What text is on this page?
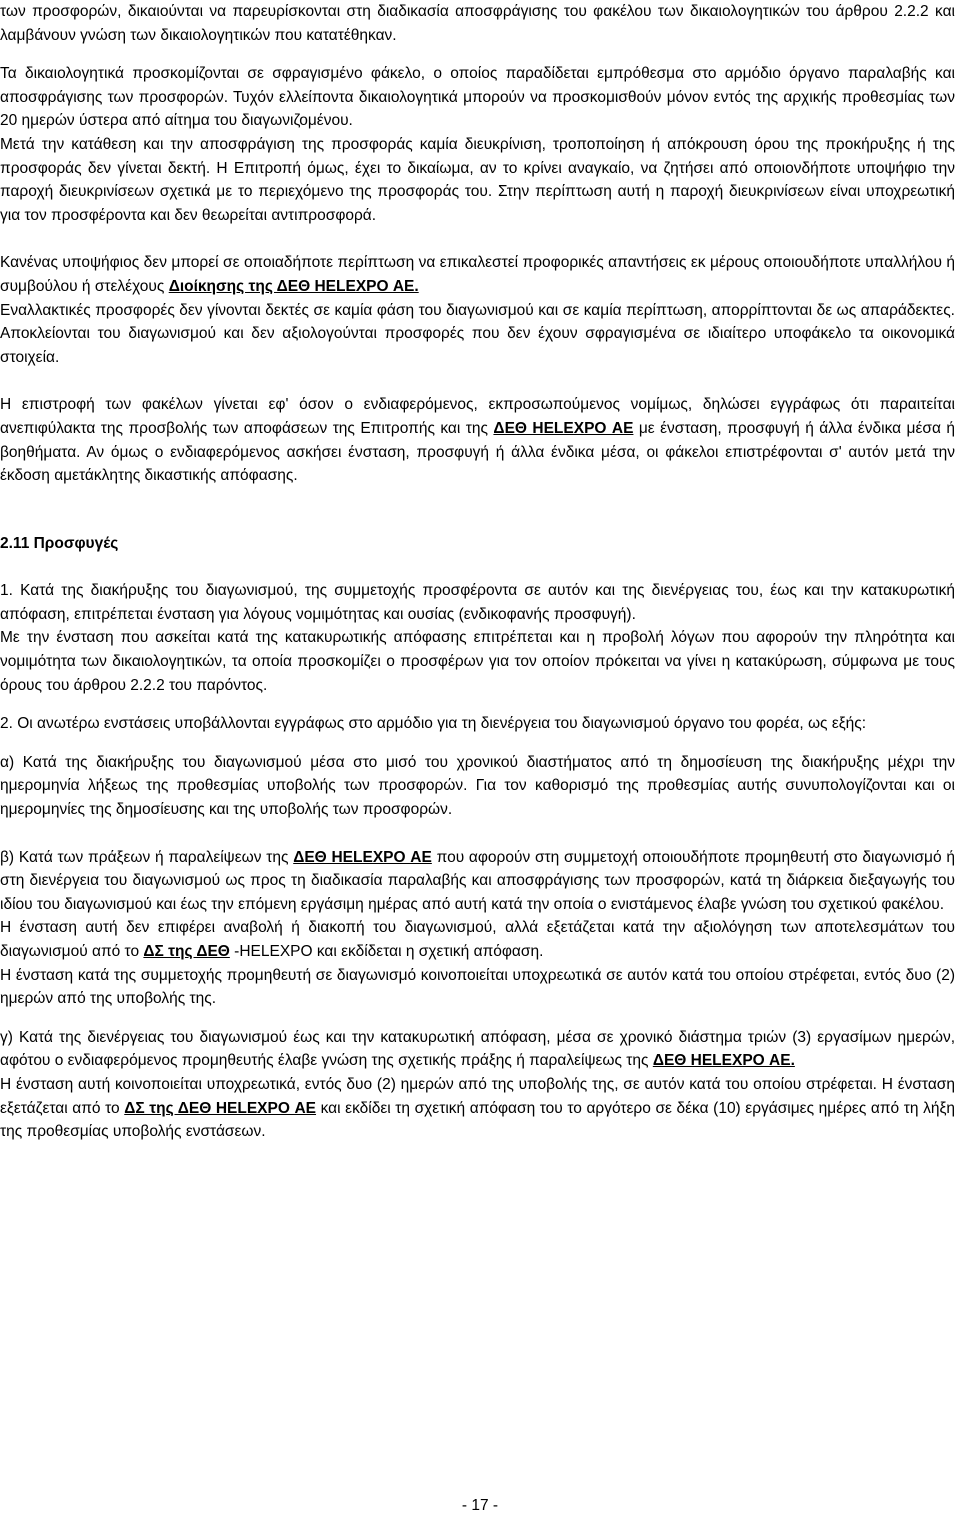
των προσφορών, δικαιούνται να παρευρίσκονται στη διαδικασία αποσφράγισης του φακέλου των δικαιολογητικών του άρθρου 2.2.2 και λαμβάνουν γνώση των δικαιολογητικών που κατατέθηκαν.

Τα δικαιολογητικά προσκομίζονται σε σφραγισμένο φάκελο, ο οποίος παραδίδεται εμπρόθεσμα στο αρμόδιο όργανο παραλαβής και αποσφράγισης των προσφορών. Τυχόν ελλείποντα δικαιολογητικά μπορούν να προσκομισθούν μόνον εντός της αρχικής προθεσμίας των 20 ημερών ύστερα από αίτημα του διαγωνιζομένου.

Μετά την κατάθεση και την αποσφράγιση της προσφοράς καμία διευκρίνιση, τροποποίηση ή απόκρουση όρου της προκήρυξης ή της προσφοράς δεν γίνεται δεκτή. Η Επιτροπή όμως, έχει το δικαίωμα, αν το κρίνει αναγκαίο, να ζητήσει από οποιονδήποτε υποψήφιο την παροχή διευκρινίσεων σχετικά με το περιεχόμενο της προσφοράς του. Στην περίπτωση αυτή η παροχή διευκρινίσεων είναι υποχρεωτική για τον προσφέροντα και δεν θεωρείται αντιπροσφορά.

Κανένας υποψήφιος δεν μπορεί σε οποιαδήποτε περίπτωση να επικαλεστεί προφορικές απαντήσεις εκ μέρους οποιουδήποτε υπαλλήλου ή συμβούλου ή στελέχους Διοίκησης της ΔΕΘ HELEXPO ΑΕ.

Εναλλακτικές προσφορές δεν γίνονται δεκτές σε καμία φάση του διαγωνισμού και σε καμία περίπτωση, απορρίπτονται δε ως απαράδεκτες. Αποκλείονται του διαγωνισμού και δεν αξιολογούνται προσφορές που δεν έχουν σφραγισμένα σε ιδιαίτερο υποφάκελο τα οικονομικά στοιχεία.

Η επιστροφή των φακέλων γίνεται εφ' όσον ο ενδιαφερόμενος, εκπροσωπούμενος νομίμως, δηλώσει εγγράφως ότι παραιτείται ανεπιφύλακτα της προσβολής των αποφάσεων της Επιτροπής και της ΔΕΘ HELEXPO ΑΕ με ένσταση, προσφυγή ή άλλα ένδικα μέσα ή βοηθήματα. Αν όμως ο ενδιαφερόμενος ασκήσει ένσταση, προσφυγή ή άλλα ένδικα μέσα, οι φάκελοι επιστρέφονται σ' αυτόν μετά την έκδοση αμετάκλητης δικαστικής απόφασης.

2.11 Προσφυγές

1. Κατά της διακήρυξης του διαγωνισμού, της συμμετοχής προσφέροντα σε αυτόν και της διενέργειας του, έως και την κατακυρωτική απόφαση, επιτρέπεται ένσταση για λόγους νομιμότητας και ουσίας (ενδικοφανής προσφυγή).

Με την ένσταση που ασκείται κατά της κατακυρωτικής απόφασης επιτρέπεται και η προβολή λόγων που αφορούν την πληρότητα και νομιμότητα των δικαιολογητικών, τα οποία προσκομίζει ο προσφέρων για τον οποίον πρόκειται να γίνει η κατακύρωση, σύμφωνα με τους όρους του άρθρου 2.2.2 του παρόντος.

2. Οι ανωτέρω ενστάσεις υποβάλλονται εγγράφως στο αρμόδιο για τη διενέργεια του διαγωνισμού όργανο του φορέα, ως εξής:

α) Κατά της διακήρυξης του διαγωνισμού μέσα στο μισό του χρονικού διαστήματος από τη δημοσίευση της διακήρυξης μέχρι την ημερομηνία λήξεως της προθεσμίας υποβολής των προσφορών. Για τον καθορισμό της προθεσμίας αυτής συνυπολογίζονται και οι ημερομηνίες της δημοσίευσης και της υποβολής των προσφορών.

β) Κατά των πράξεων ή παραλείψεων της ΔΕΘ HELEXPO ΑΕ που αφορούν στη συμμετοχή οποιουδήποτε προμηθευτή στο διαγωνισμό ή στη διενέργεια του διαγωνισμού ως προς τη διαδικασία παραλαβής και αποσφράγισης των προσφορών, κατά τη διάρκεια διεξαγωγής του ιδίου του διαγωνισμού και έως την επόμενη εργάσιμη ημέρας από αυτή κατά την οποία ο ενιστάμενος έλαβε γνώση του σχετικού φακέλου.

Η ένσταση αυτή δεν επιφέρει αναβολή ή διακοπή του διαγωνισμού, αλλά εξετάζεται κατά την αξιολόγηση των αποτελεσμάτων του διαγωνισμού από το ΔΣ της ΔΕΘ -HELEXPO και εκδίδεται η σχετική απόφαση.

Η ένσταση κατά της συμμετοχής προμηθευτή σε διαγωνισμό κοινοποιείται υποχρεωτικά σε αυτόν κατά του οποίου στρέφεται, εντός δυο (2) ημερών από της υποβολής της.

γ) Κατά της διενέργειας του διαγωνισμού έως και την κατακυρωτική απόφαση, μέσα σε χρονικό διάστημα τριών (3) εργασίμων ημερών, αφότου ο ενδιαφερόμενος προμηθευτής έλαβε γνώση της σχετικής πράξης ή παραλείψεως της ΔΕΘ HELEXPO ΑΕ.

Η ένσταση αυτή κοινοποιείται υποχρεωτικά, εντός δυο (2) ημερών από της υποβολής της, σε αυτόν κατά του οποίου στρέφεται. Η ένσταση εξετάζεται από το ΔΣ της ΔΕΘ HELEXPO ΑΕ και εκδίδει τη σχετική απόφαση του το αργότερο σε δέκα (10) εργάσιμες ημέρες από τη λήξη της προθεσμίας υποβολής ενστάσεων.

- 17 -
